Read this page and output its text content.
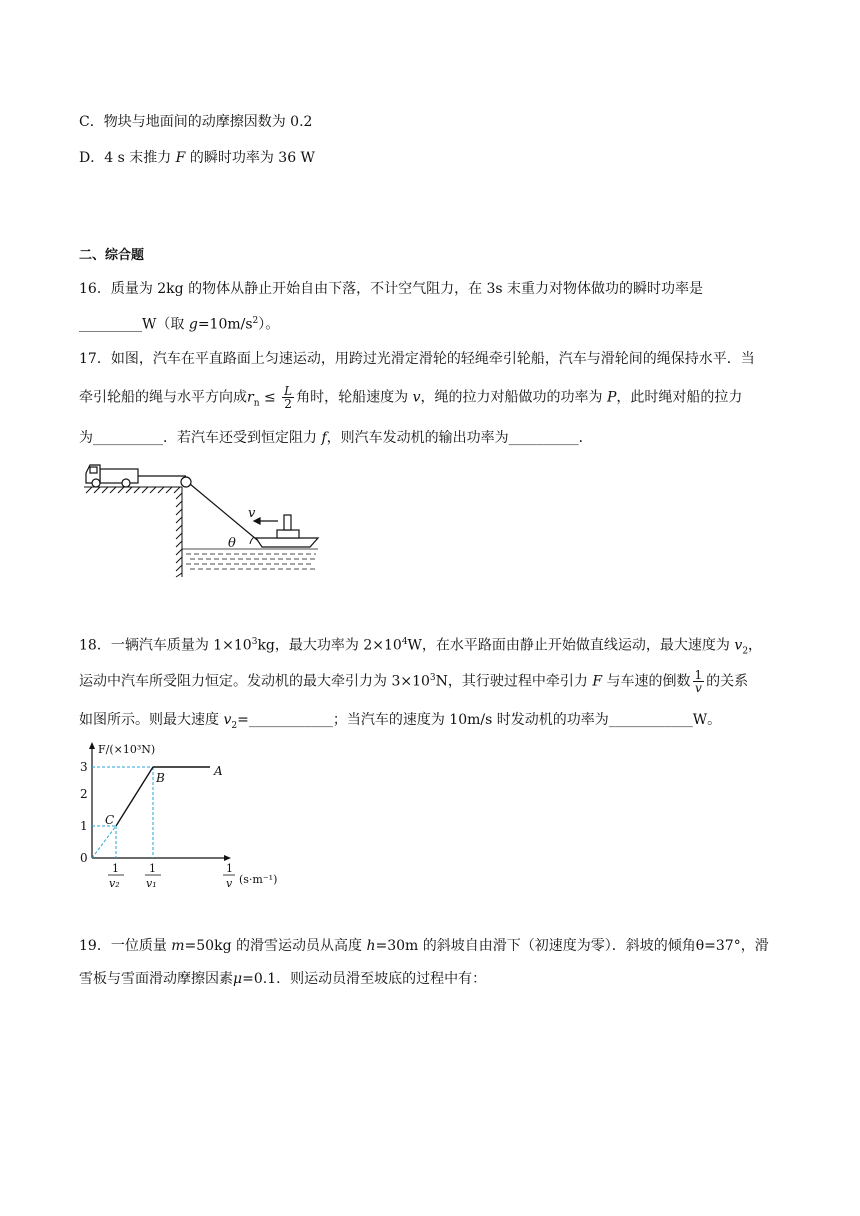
C．物块与地面间的动摩擦因数为 0.2
D．4 s 末推力 F 的瞬时功率为 36 W
二、综合题
16．质量为 2kg 的物体从静止开始自由下落，不计空气阻力，在 3s 末重力对物体做功的瞬时功率是
_________W（取 $g=10m/s^2$）。
17．如图，汽车在平直路面上匀速运动，用跨过光滑定滑轮的轻绳牵引轮船，汽车与滑轮间的绳保持水平．当
牵引轮船的绳与水平方向成$r_n \le \frac{L}{2}$ 角时，轮船速度为 v，绳的拉力对船做功的功率为 P，此时绳对船的拉力
为__________．若汽车还受到恒定阻力 f，则汽车发动机的输出功率为__________．
v
θ
18．一辆汽车质量为 $1\times 10^3kg$，最大功率为 $2\times 10^4W$，在水平路面由静止开始做直线运动，最大速度为 $v_2$，
运动中汽车所受阻力恒定。发动机的最大牵引力为 $3\times 10^3N$，其行驶过程中牵引力 F 与车速的倒数 $\frac{1}{v}$ 的关系
如图所示。则最大速度 $v_2=\_\_\_\_\_\_\_\_\_\_\_\_$；当汽车的速度为 10m/s 时发动机的功率为____________W。
F/(×10³N)
3
2
1
0
A
B
C
1
v₂
1
v₁
1
v (s·m⁻¹)
19．一位质量 m=50kg 的滑雪运动员从高度 h=30m 的斜坡自由滑下（初速度为零）．斜坡的倾角θ=37°，滑
雪板与雪面滑动摩擦因素μ=0.1．则运动员滑至坡底的过程中有：
